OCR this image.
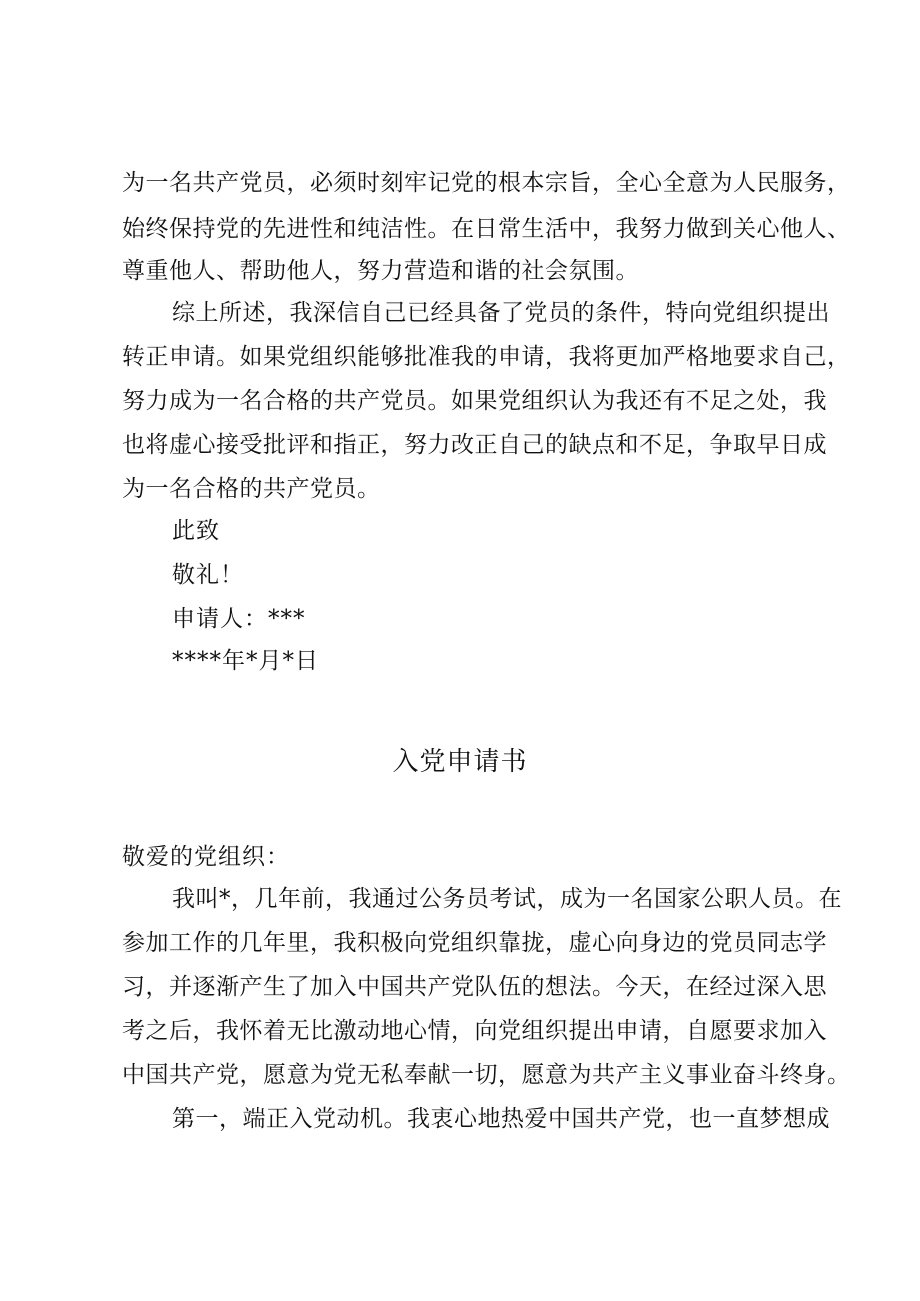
为一名共产党员，必须时刻牢记党的根本宗旨，全心全意为人民服务，
始终保持党的先进性和纯洁性。在日常生活中，我努力做到关心他人、
尊重他人、帮助他人，努力营造和谐的社会氛围。
综上所述，我深信自己已经具备了党员的条件，特向党组织提出
转正申请。如果党组织能够批准我的申请，我将更加严格地要求自己，
努力成为一名合格的共产党员。如果党组织认为我还有不足之处，我
也将虚心接受批评和指正，努力改正自己的缺点和不足，争取早日成
为一名合格的共产党员。
此致
敬礼！
申请人：***
****年*月*日
入党申请书
敬爱的党组织：
我叫*，几年前，我通过公务员考试，成为一名国家公职人员。在
参加工作的几年里，我积极向党组织靠拢，虚心向身边的党员同志学
习，并逐渐产生了加入中国共产党队伍的想法。今天，在经过深入思
考之后，我怀着无比激动地心情，向党组织提出申请，自愿要求加入
中国共产党，愿意为党无私奉献一切，愿意为共产主义事业奋斗终身。
第一，端正入党动机。我衷心地热爱中国共产党，也一直梦想成
